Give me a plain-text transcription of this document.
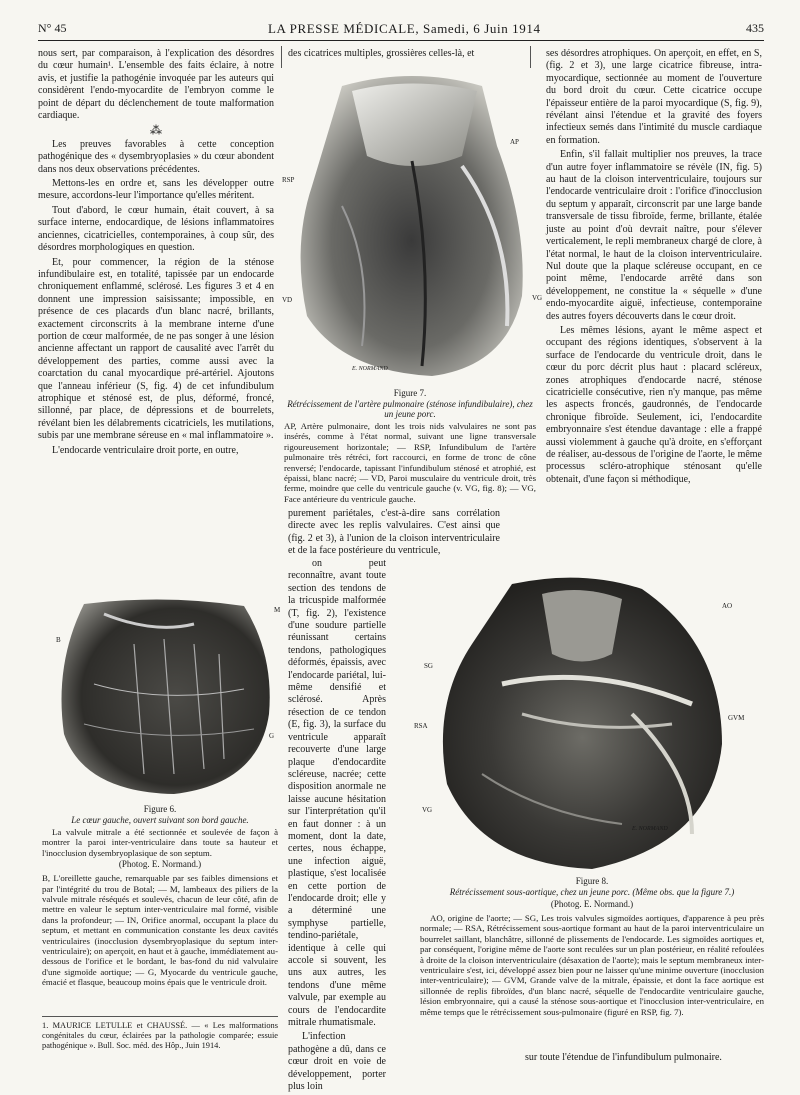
N° 45	LA PRESSE MÉDICALE, Samedi, 6 Juin 1914	435

nous sert, par comparaison, à l'explication des désordres du cœur humain¹. L'ensemble des faits éclaire, à notre avis, et justifie la pathogénie invoquée par les auteurs qui considèrent l'endo-myocardite de l'embryon comme le point de départ du déclenchement de toute malformation cardiaque.

⁂

Les preuves favorables à cette conception pathogénique des « dysembryoplasies » du cœur abondent dans nos deux observations précédentes.

Mettons-les en ordre et, sans les développer outre mesure, accordons-leur l'importance qu'elles méritent.

Tout d'abord, le cœur humain, était couvert, à sa surface interne, endocardique, de lésions inflammatoires anciennes, cicatricielles, contemporaines, à coup sûr, des désordres morphologiques en question.

Et, pour commencer, la région de la sténose infundibulaire est, en totalité, tapissée par un endocarde chroniquement enflammé, sclérosé. Les figures 3 et 4 en donnent une impression saisissante; impossible, en présence de ces placards d'un blanc nacré, brillants, exactement circonscrits à la membrane interne d'une portion de cœur malformée, de ne pas songer à une lésion ancienne affectant un rapport de causalité avec l'arrêt du développement des parties, comme aussi avec la coarctation du canal myocardique pré-artériel. Ajoutons que l'anneau inférieur (S, fig. 4) de cet infundibulum atrophique et sténosé est, de plus, déformé, froncé, sillonné, par place, de dépressions et de bourrelets, révélant bien les délabrements cicatriciels, les mutilations, subis par une membrane séreuse en « mal inflammatoire ».

L'endocarde ventriculaire droit porte, en outre,

des cicatrices multiples, grossières celles-là, et

AP
RSP
VD	VG
E. NORMAND
Figure 7.
Rétrécissement de l'artère pulmonaire (sténose infundibulaire), chez un jeune porc.
AP, Artère pulmonaire, dont les trois nids valvulaires ne sont pas insérés, comme à l'état normal, suivant une ligne transversale rigoureusement horizontale; — RSP, Infundibulum de l'artère pulmonaire très rétréci, fort raccourci, en forme de tronc de cône renversé; l'endocarde, tapissant l'infundibulum sténosé et atrophié, est épaissi, blanc nacré; — VD, Paroi musculaire du ventricule droit, très ferme, moindre que celle du ventricule gauche (v. VG, fig. 8); — VG, Face antérieure du ventricule gauche.

ses désordres atrophiques. On aperçoit, en effet, en S, (fig. 2 et 3), une large cicatrice fibreuse, intra-myocardique, sectionnée au moment de l'ouverture du bord droit du cœur. Cette cicatrice occupe l'épaisseur entière de la paroi myocardique (S, fig. 9), révélant ainsi l'étendue et la gravité des foyers infectieux semés dans l'intimité du muscle cardiaque en formation.

Enfin, s'il fallait multiplier nos preuves, la trace d'un autre foyer inflammatoire se révèle (IN, fig. 5) au haut de la cloison interventriculaire, toujours sur l'endocarde ventriculaire droit : l'orifice d'inocclusion du septum y apparaît, circonscrit par une large bande transversale de tissu fibroïde, ferme, brillante, étalée juste au point d'où devrait naître, pour s'élever verticalement, le repli membraneux chargé de clore, à l'état normal, le haut de la cloison interventriculaire. Nul doute que la plaque scléreuse occupant, en ce point même, l'endocarde arrêté dans son développement, ne constitue la « séquelle » d'une endo-myocardite aiguë, infectieuse, contemporaine des autres foyers découverts dans le cœur droit.

Les mêmes lésions, ayant le même aspect et occupant des régions identiques, s'observent à la surface de l'endocarde du ventricule droit, dans le cœur du porc décrit plus haut : placard scléreux, zones atrophiques d'endocarde nacré, sténose cicatricielle consécutive, rien n'y manque, pas même les aspects froncés, gaudronnés, de l'endocarde chronique fibroïde. Seulement, ici, l'endocardite embryonnaire s'est étendue davantage : elle a frappé aussi violemment à gauche qu'à droite, en s'efforçant de réaliser, au-dessous de l'origine de l'aorte, le même processus scléro-atrophique sténosant qu'elle obtenait, d'une façon si méthodique,

M
B
G
Figure 6.
Le cœur gauche, ouvert suivant son bord gauche.
La valvule mitrale a été sectionnée et soulevée de façon à montrer la paroi inter-ventriculaire dans toute sa hauteur et l'inocclusion dysembryoplasique de son septum.
(Photog. E. Normand.)
B, L'oreillette gauche, remarquable par ses faibles dimensions et par l'intégrité du trou de Botal; — M, lambeaux des piliers de la valvule mitrale réséqués et soulevés, chacun de leur côté, afin de mettre en valeur le septum inter-ventriculaire mal formé, visible dans la profondeur; — IN, Orifice anormal, occupant la place du septum, et mettant en communication constante les deux cavités ventriculaires (inocclusion dysembryoplasique du septum inter-ventriculaire); on aperçoit, en haut et à gauche, immédiatement au-dessous de l'orifice et le bordant, le bas-fond du nid valvulaire d'une sigmoïde aortique; — G, Myocarde du ventricule gauche, émacié et flasque, beaucoup moins épais que le ventricule droit.
1. MAURICE LETULLE et CHAUSSÉ. — « Les malformations congénitales du cœur, éclairées par la pathologie comparée; essuie pathogénique ». Bull. Soc. méd. des Hôp., Juin 1914.

purement pariétales, c'est-à-dire sans corrélation directe avec les replis valvulaires. C'est ainsi que (fig. 2 et 3), à l'union de la cloison interventriculaire et de la face postérieure du ventricule,

on peut reconnaître, avant toute section des tendons de la tricuspide malformée (T, fig. 2), l'existence d'une soudure partielle réunissant certains tendons, pathologiques déformés, épaissis, avec l'endocarde pariétal, lui-même densifié et sclérosé. Après résection de ce tendon (E, fig. 3), la surface du ventricule apparaît recouverte d'une large plaque d'endocardite scléreuse, nacrée; cette disposition anormale ne laisse aucune hésitation sur l'interprétation qu'il en faut donner : à un moment, dont la date, certes, nous échappe, une infection aiguë, plastique, s'est localisée en cette portion de l'endocarde droit; elle y a déterminé une symphyse partielle, tendino-pariétale, identique à celle qui accole si souvent, les uns aux autres, les tendons d'une même valvule, par exemple au cours de l'endocardite mitrale rhumatismale.

L'infection pathogène a dû, dans ce cœur droit en voie de développement, porter plus loin

AO
SG
GVM
RSA
VG
E. NORMAND
Figure 8.
Rétrécissement sous-aortique, chez un jeune porc. (Même obs. que la figure 7.)
(Photog. E. Normand.)
AO, origine de l'aorte; — SG, Les trois valvules sigmoïdes aortiques, d'apparence à peu près normale; — RSA, Rétrécissement sous-aortique formant au haut de la paroi interventriculaire un bourrelet saillant, blanchâtre, sillonné de plissements de l'endocarde. Les sigmoïdes aortiques et, par conséquent, l'origine même de l'aorte sont reculées sur un plan postérieur, en réalité refoulées à droite de la cloison interventriculaire (désaxation de l'aorte); mais le septum membraneux inter-ventriculaire s'est, ici, développé assez bien pour ne laisser qu'une minime ouverture (inocclusion inter-ventriculaire); — GVM, Grande valve de la mitrale, épaissie, et dont la face aortique est sillonnée de replis fibroïdes, d'un blanc nacré, séquelle de l'endocardite ventriculaire gauche, lésion embryonnaire, qui a causé la sténose sous-aortique et l'inocclusion inter-ventriculaire, en même temps que le rétrécissement sous-pulmonaire (figuré en RSP, fig. 7).

sur toute l'étendue de l'infundibulum pulmonaire.
